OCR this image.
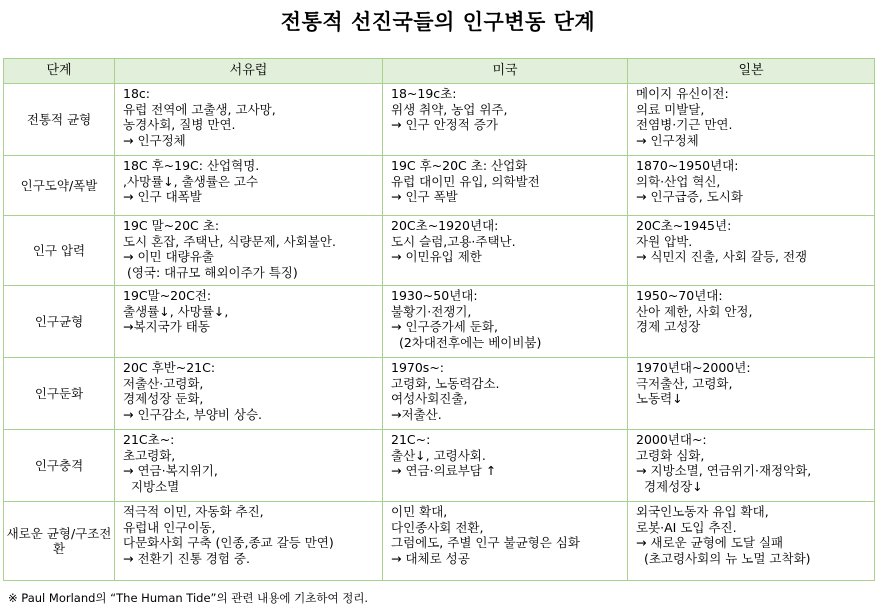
전통적 선진국들의 인구변동 단계
단계	서유럽	미국	일본
전통적 균형	18c:
유럽 전역에 고출생, 고사망,
농경사회, 질병 만연.
→ 인구정체	18~19c초:
위생 취약, 농업 위주,
→ 인구 안정적 증가	메이지 유신이전:
의료 미발달,
전염병·기근 만연.
→ 인구정체

인구도약/폭발	18C 후~19C: 산업혁명.
,사망률↓, 출생률은 고수
→ 인구 대폭발	19C 후~20C 초: 산업화
유럽 대이민 유입, 의학발전
→ 인구 폭발	1870~1950년대:
의학·산업 혁신,
→ 인구급증, 도시화

인구 압력	19C 말~20C 초:
도시 혼잡, 주택난, 식량문제, 사회불안.
→ 이민 대량유출
(영국: 대규모 해외이주가 특징)	20C초~1920년대:
도시 슬럼,고용·주택난.
→ 이민유입 제한	20C초~1945년:
자원 압박.
→ 식민지 진출, 사회 갈등, 전쟁

인구균형	19C말~20C전:
출생률↓, 사망률↓,
→복지국가 태동	1930~50년대:
불황기·전쟁기,
→ 인구증가세 둔화,
(2차대전후에는 베이비붐)	1950~70년대:
산아 제한, 사회 안정,
경제 고성장

인구둔화	20C 후반~21C:
저출산·고령화,
경제성장 둔화,
→ 인구감소, 부양비 상승.	1970s~:
고령화, 노동력감소.
여성사회진출,
→저출산.	1970년대~2000년:
극저출산, 고령화,
노동력↓

인구충격	21C초~:
초고령화,
→ 연금·복지위기,
지방소멸	21C~:
출산↓, 고령사회.
→ 연금·의료부담 ↑	2000년대~:
고령화 심화,
→ 지방소멸, 연금위기·재정악화,
경제성장↓

새로운 균형/구조전환	적극적 이민, 자동화 추진,
유럽내 인구이동,
다문화사회 구축 (인종,종교 갈등 만연)
→ 전환기 진통 경험 중.	이민 확대,
다인종사회 전환,
그럼에도, 주별 인구 불균형은 심화
→ 대체로 성공	외국인노동자 유입 확대,
로봇·AI 도입 추진.
→ 새로운 균형에 도달 실패
(초고령사회의 뉴 노멀 고착화)
※ Paul Morland의 “The Human Tide”의 관련 내용에 기초하여 정리.
